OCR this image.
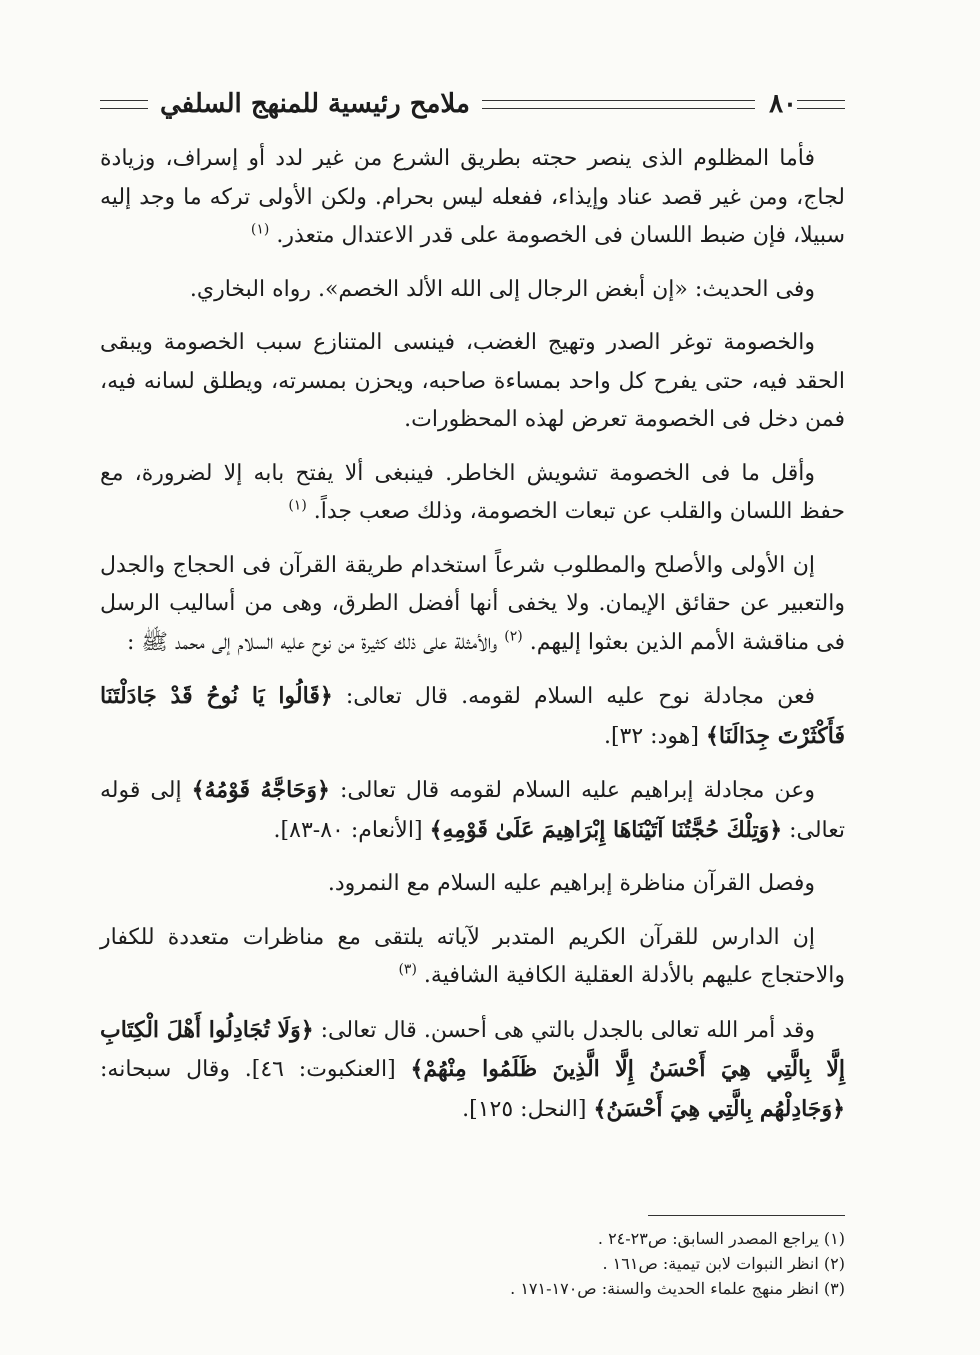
٨٠
ملامح رئيسية للمنهج السلفي

فأما المظلوم الذى ينصر حجته بطريق الشرع من غير لدد أو إسراف، وزيادة لجاج، ومن غير قصد عناد وإيذاء، ففعله ليس بحرام. ولكن الأولى تركه ما وجد إليه سبيلا، فإن ضبط اللسان فى الخصومة على قدر الاعتدال متعذر. $^{(١)}$

وفى الحديث: «إن أبغض الرجال إلى الله الألد الخصم». رواه البخاري.

والخصومة توغر الصدر وتهيج الغضب، فينسى المتنازع سبب الخصومة ويبقى الحقد فيه، حتى يفرح كل واحد بمساءة صاحبه، ويحزن بمسرته، ويطلق لسانه فيه، فمن دخل فى الخصومة تعرض لهذه المحظورات.

وأقل ما فى الخصومة تشويش الخاطر. فينبغى ألا يفتح بابه إلا لضرورة، مع حفظ اللسان والقلب عن تبعات الخصومة، وذلك صعب جداً. $^{(١)}$

إن الأولى والأصلح والمطلوب شرعاً استخدام طريقة القرآن فى الحجاج والجدل والتعبير عن حقائق الإيمان. ولا يخفى أنها أفضل الطرق، وهى من أساليب الرسل فى مناقشة الأمم الذين بعثوا إليهم. $^{(٢)}$ والأمثلة على ذلك كثيرة من نوح عليه السلام إلى محمد ﷺ :

فعن مجادلة نوح عليه السلام لقومه. قال تعالى: ﴿قَالُوا يَا نُوحُ قَدْ جَادَلْتَنَا فَأَكْثَرْتَ جِدَالَنَا﴾ [هود: ٣٢].

وعن مجادلة إبراهيم عليه السلام لقومه قال تعالى: ﴿وَحَاجَّهُ قَوْمُهُ﴾ إلى قوله تعالى: ﴿وَتِلْكَ حُجَّتُنَا آتَيْنَاهَا إِبْرَاهِيمَ عَلَىٰ قَوْمِهِ﴾ [الأنعام: ٨٠-٨٣].

وفصل القرآن مناظرة إبراهيم عليه السلام مع النمرود.

إن الدارس للقرآن الكريم المتدبر لآياته يلتقى مع مناظرات متعددة للكفار والاحتجاج عليهم بالأدلة العقلية الكافية الشافية. $^{(٣)}$

وقد أمر الله تعالى بالجدل بالتي هى أحسن. قال تعالى: ﴿وَلَا تُجَادِلُوا أَهْلَ الْكِتَابِ إِلَّا بِالَّتِي هِيَ أَحْسَنُ إِلَّا الَّذِينَ ظَلَمُوا مِنْهُمْ﴾ [العنكبوت: ٤٦]. وقال سبحانه: ﴿وَجَادِلْهُم بِالَّتِي هِيَ أَحْسَنُ﴾ [النحل: ١٢٥].

(١) يراجع المصدر السابق: ص٢٣-٢٤ .

(٢) انظر النبوات لابن تيمية: ص١٦١ .

(٣) انظر منهج علماء الحديث والسنة: ص١٧٠-١٧١ .
